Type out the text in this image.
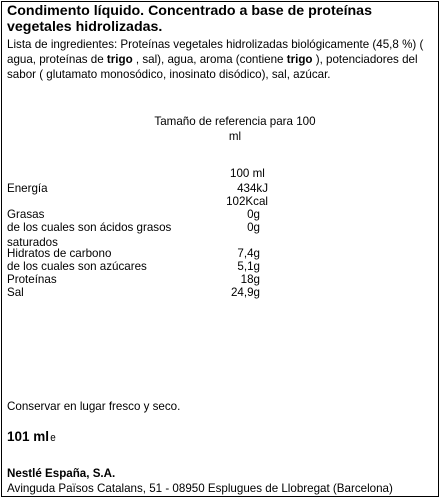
Condimento líquido. Concentrado a base de proteínas vegetales hidrolizadas.
Lista de ingredientes: Proteínas vegetales hidrolizadas biológicamente (45,8 %) ( agua, proteínas de trigo , sal), agua, aroma (contiene trigo ), potenciadores del sabor ( glutamato monosódico, inosinato disódico), sal, azúcar.
Tamaño de referencia para 100 ml
100 ml
Energía	434kJ
102Kcal
Grasas	0g
de los cuales son ácidos grasos saturados
0g
Hidratos de carbono	7,4g
de los cuales son azúcares	5,1g
Proteínas	18g
Sal	24,9g
Conservar en lugar fresco y seco.
101 mle
Nestlé España, S.A.
Avinguda Països Catalans, 51 - 08950 Esplugues de Llobregat (Barcelona)
